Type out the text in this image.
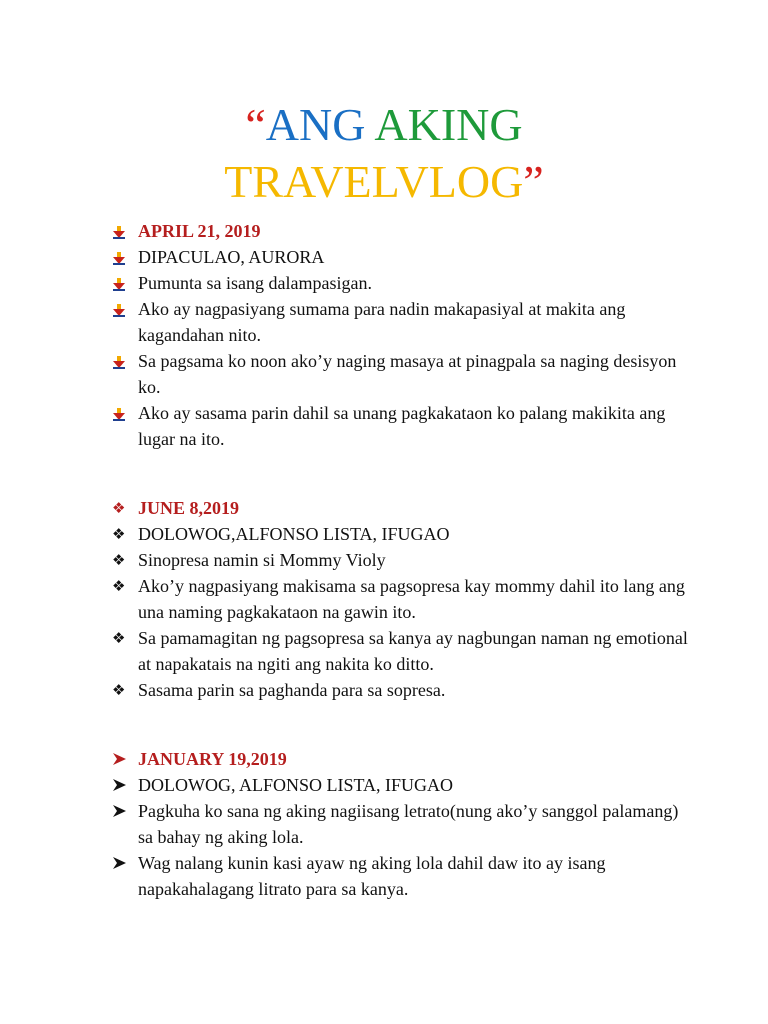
“ANG AKING
TRAVELVLOG”
APRIL 21, 2019
DIPACULAO, AURORA
Pumunta sa isang dalampasigan.
Ako ay nagpasiyang sumama para nadin makapasiyal at makita ang kagandahan nito.
Sa pagsama ko noon ako’y naging masaya at pinagpala sa naging desisyon ko.
Ako ay sasama parin dahil sa unang pagkakataon ko palang makikita ang lugar na ito.
❖ JUNE 8,2019
❖ DOLOWOG,ALFONSO LISTA, IFUGAO
❖ Sinopresa namin si Mommy Violy
❖ Ako’y nagpasiyang makisama sa pagsopresa kay mommy dahil ito lang ang una naming pagkakataon na gawin ito.
❖ Sa pamamagitan ng pagsopresa sa kanya ay nagbungan naman ng emotional at napakatais na ngiti ang nakita ko ditto.
❖ Sasama parin sa paghanda para sa sopresa.
JANUARY 19,2019
DOLOWOG, ALFONSO LISTA, IFUGAO
Pagkuha ko sana ng aking nagiisang letrato(nung ako’y sanggol palamang) sa bahay ng aking lola.
Wag nalang kunin kasi ayaw ng aking lola dahil daw ito ay isang napakahalagang litrato para sa kanya.
